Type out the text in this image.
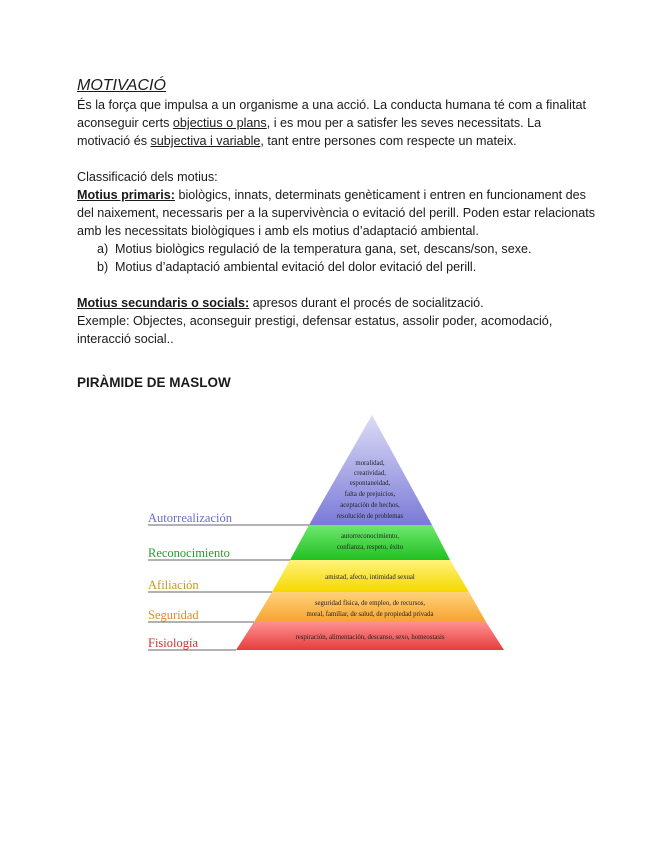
MOTIVACIÓ

És la força que impulsa a un organisme a una acció. La conducta humana té com a finalitat aconseguir certs objectius o plans, i es mou per a satisfer les seves necessitats. La motivació és subjectiva i variable, tant entre persones com respecte un mateix.

Classificació dels motius:

Motius primaris: biològics, innats, determinats genèticament i entren en funcionament des del naixement, necessaris per a la supervivència o evitació del perill. Poden estar relacionats amb les necessitats biològiques i amb els motius d’adaptació ambiental.

a) Motius biològics regulació de la temperatura gana, set, descans/son, sexe.
b) Motius d’adaptació ambiental evitació del dolor evitació del perill.

Motius secundaris o socials: apresos durant el procés de socialització.

Exemple: Objectes, aconseguir prestigi, defensar estatus, assolir poder, acomodació, interacció social..

PIRÀMIDE DE MASLOW
Autorrealización
Reconocimiento
Afiliación
Seguridad
Fisiología
moralidad,
creatividad,
espontaneidad,
falta de prejuicios,
aceptación de hechos,
resolución de problemas
autorreconocimiento,
confianza, respeto, éxito
amistad, afecto, intimidad sexual
seguridad física, de empleo, de recursos,
moral, familiar, de salud, de propiedad privada
respiración, alimentación, descanso, sexo, homeostasis
